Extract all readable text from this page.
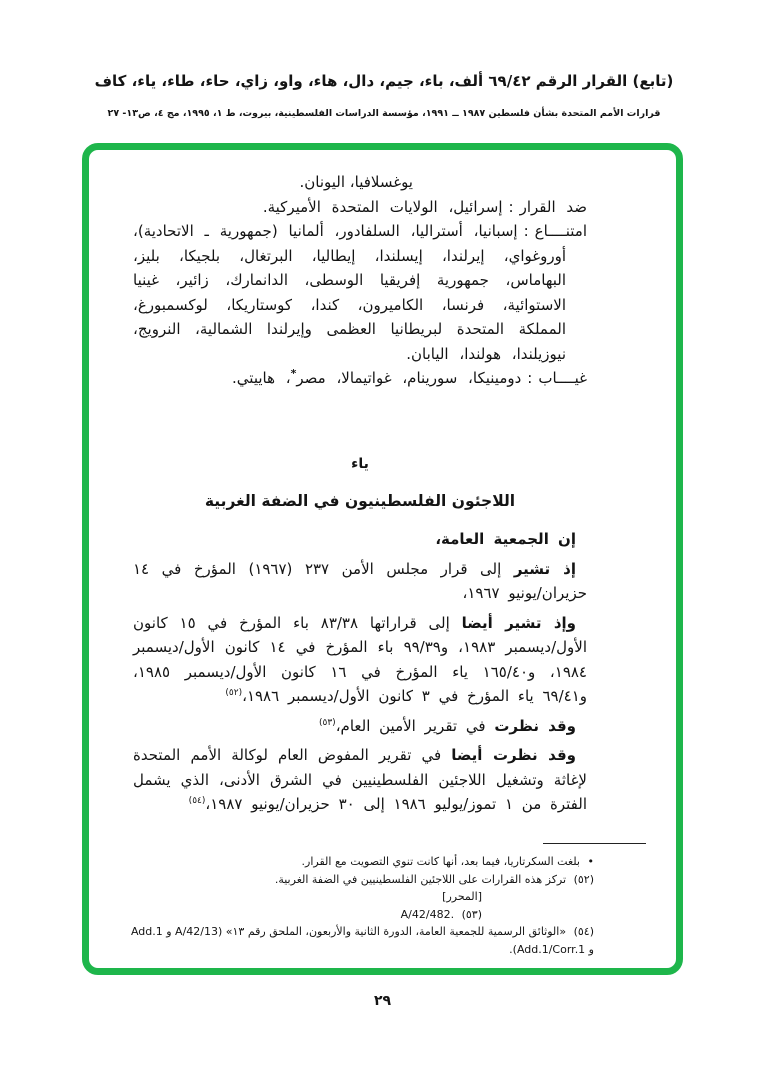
(تابع) القرار الرقم ٦٩/٤٢ ألف، باء، جيم، دال، هاء، واو، زاي، حاء، طاء، ياء، كاف
قرارات الأمم المتحدة بشأن فلسطين ١٩٨٧ ــ ١٩٩١، مؤسسة الدراسات الفلسطينية، بيروت، ط ١، ١٩٩٥، مج ٤، ص١٣- ٢٧
يوغسلافيا، اليونان.
ضد القرار:إسرائيل، الولايات المتحدة الأميركية.
امتنــــاع:إسبانيا، أستراليا، السلفادور، ألمانيا (جمهورية ـ الاتحادية)، أوروغواي، إيرلندا، إيسلندا، إيطاليا، البرتغال، بلجيكا، بليز، البهاماس، جمهورية إفريقيا الوسطى، الدانمارك، زائير، غينيا الاستوائية، فرنسا، الكاميرون، كندا، كوستاريكا، لوكسمبورغ، المملكة المتحدة لبريطانيا العظمى وإيرلندا الشمالية، النرويج، نيوزيلندا، هولندا، اليابان.
غيــــاب:دومينيكا، سورينام، غواتيمالا، مصر*، هاييتي.
ياء
اللاجئون الفلسطينيون في الضفة الغربية
إن الجمعية العامة،
إذ تشير إلى قرار مجلس الأمن ٢٣٧ (١٩٦٧) المؤرخ في ١٤ حزيران/يونيو ١٩٦٧،
وإذ تشير أيضا إلى قراراتها ٨٣/٣٨ باء المؤرخ في ١٥ كانون الأول/ديسمبر ١٩٨٣، و٩٩/٣٩ باء المؤرخ في ١٤ كانون الأول/ديسمبر ١٩٨٤، و١٦٥/٤٠ ياء المؤرخ في ١٦ كانون الأول/ديسمبر ١٩٨٥، و٦٩/٤١ ياء المؤرخ في ٣ كانون الأول/ديسمبر ١٩٨٦،$^{(٥٢)}$
وقد نظرت في تقرير الأمين العام،$^{(٥٣)}$
وقد نظرت أيضا في تقرير المفوض العام لوكالة الأمم المتحدة لإغاثة وتشغيل اللاجئين الفلسطينيين في الشرق الأدنى، الذي يشمل الفترة من ١ تموز/يوليو ١٩٨٦ إلى ٣٠ حزيران/يونيو ١٩٨٧،$^{(٥٤)}$
• بلغت السكرتاريا، فيما بعد، أنها كانت تنوي التصويت مع القرار.
(٥٢) تركز هذه القرارات على اللاجئين الفلسطينيين في الضفة الغربية.
[المحرر]
(٥٣) A/42/482.‎
(٥٤) «الوثائق الرسمية للجمعية العامة، الدورة الثانية والأربعون، الملحق رقم ١٣» (A/42/13 و Add.1 و Add.1/Corr.1).
٢٩
